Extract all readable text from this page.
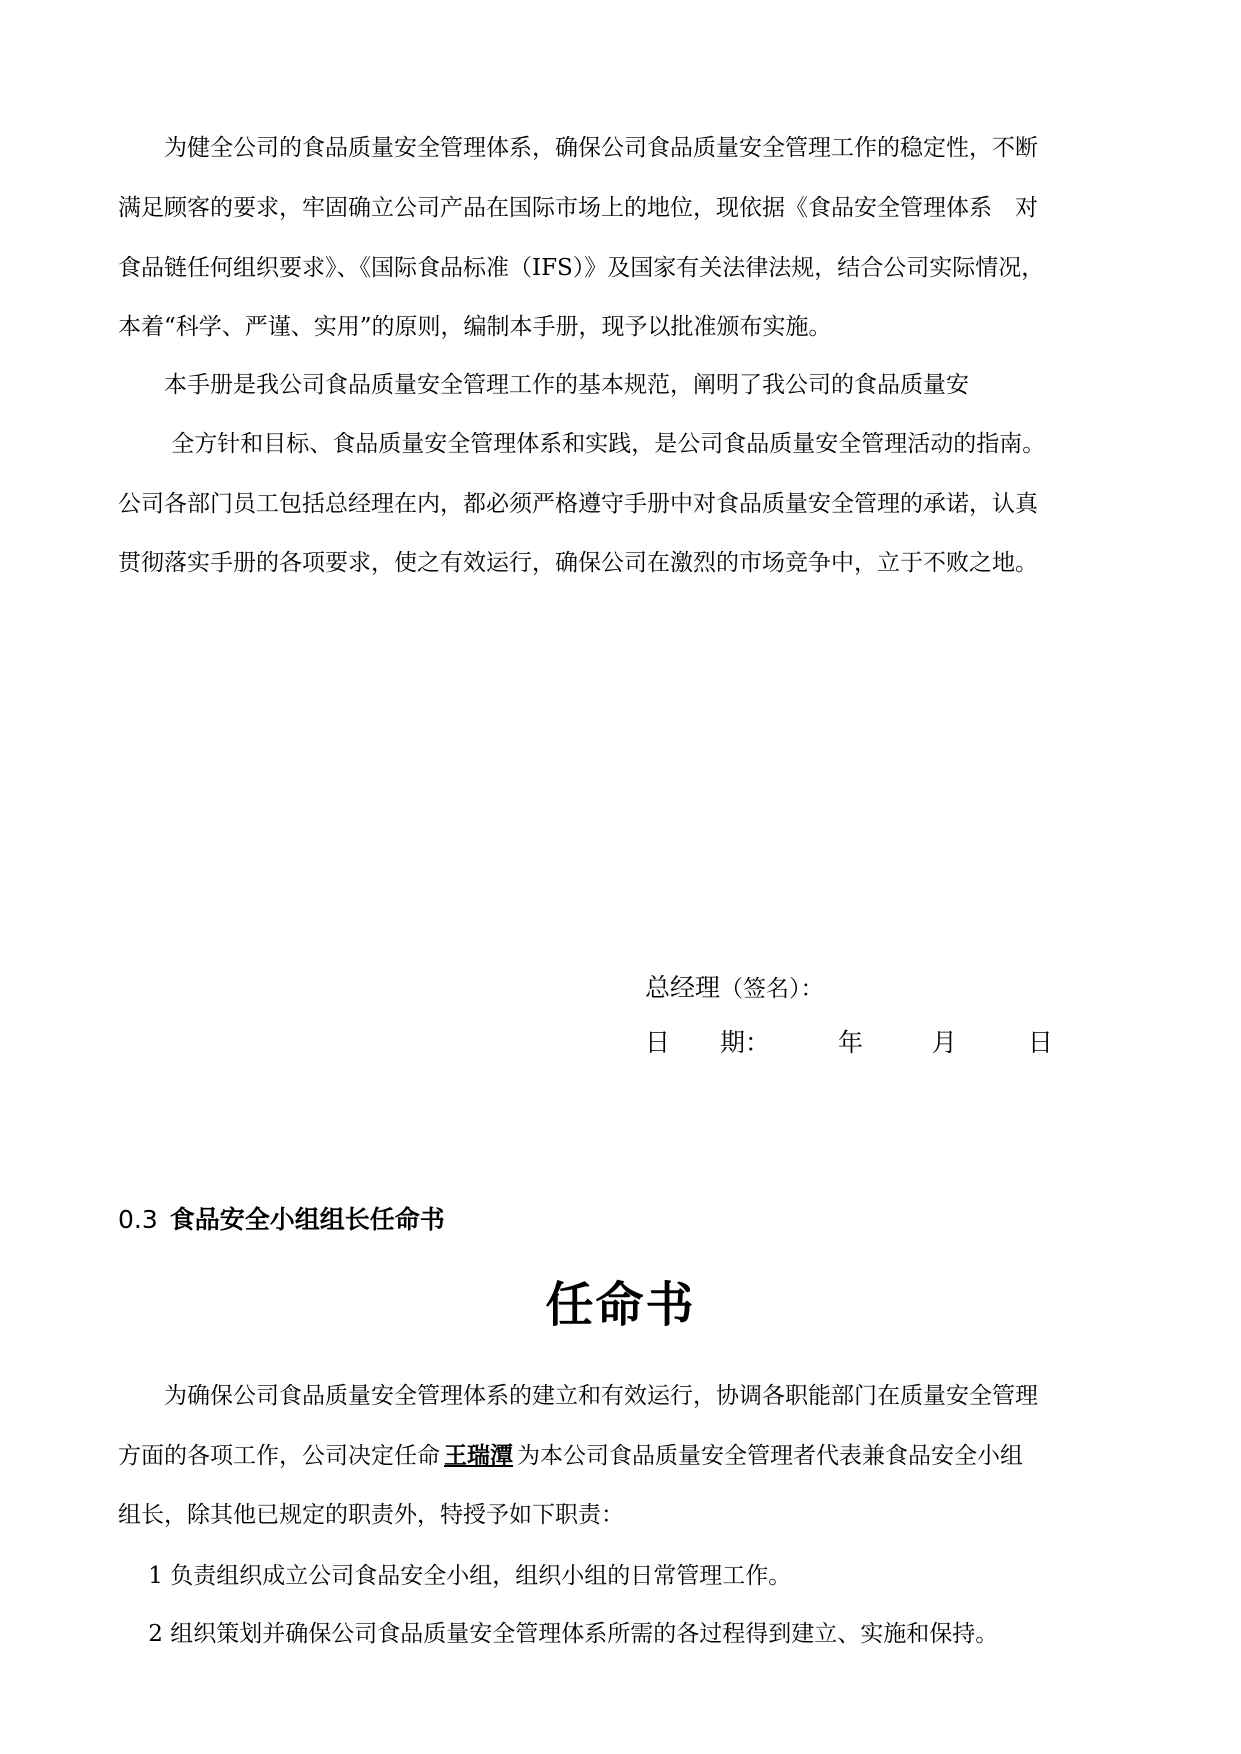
　　为健全公司的食品质量安全管理体系，确保公司食品质量安全管理工作的稳定性，不断
满足顾客的要求，牢固确立公司产品在国际市场上的地位，现依据《食品安全管理体系　对
食品链任何组织要求》、《国际食品标准（IFS）》及国家有关法律法规，结合公司实际情况，
本着“科学、严谨、实用”的原则，编制本手册，现予以批准颁布实施。
　　本手册是我公司食品质量安全管理工作的基本规范，阐明了我公司的食品质量安
　　 全方针和目标、食品质量安全管理体系和实践，是公司食品质量安全管理活动的指南。
公司各部门员工包括总经理在内，都必须严格遵守手册中对食品质量安全管理的承诺，认真
贯彻落实手册的各项要求，使之有效运行，确保公司在激烈的市场竞争中，立于不败之地。
总经理（签名）：
日　　期：	年	月	日
0.3 食品安全小组组长任命书
任命书
　　为确保公司食品质量安全管理体系的建立和有效运行，协调各职能部门在质量安全管理
方面的各项工作，公司决定任命 王瑞潭 为本公司食品质量安全管理者代表兼食品安全小组
组长，除其他已规定的职责外，特授予如下职责：
　 1 负责组织成立公司食品安全小组，组织小组的日常管理工作。
　 2 组织策划并确保公司食品质量安全管理体系所需的各过程得到建立、实施和保持。
